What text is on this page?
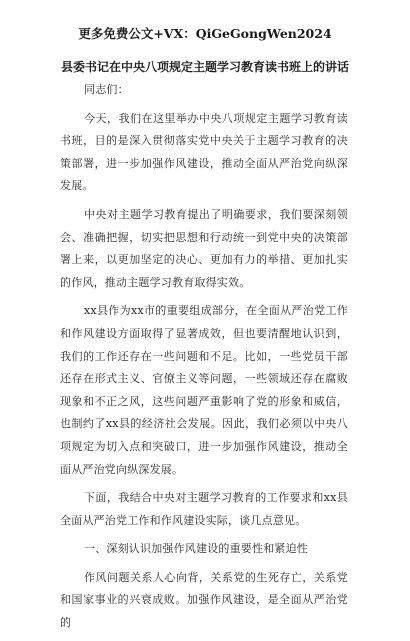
更多免费公文+VX：QiGeGongWen2024
县委书记在中央八项规定主题学习教育读书班上的讲话

同志们：

今天，我们在这里举办中央八项规定主题学习教育读书班，目的是深入贯彻落实党中央关于主题学习教育的决策部署，进一步加强作风建设，推动全面从严治党向纵深发展。

中央对主题学习教育提出了明确要求，我们要深刻领会、准确把握，切实把思想和行动统一到党中央的决策部署上来，以更加坚定的决心、更加有力的举措、更加扎实的作风，推动主题学习教育取得实效。

xx县作为xx市的重要组成部分，在全面从严治党工作和作风建设方面取得了显著成效，但也要清醒地认识到，我们的工作还存在一些问题和不足。比如，一些党员干部还存在形式主义、官僚主义等问题，一些领域还存在腐败现象和不正之风，这些问题严重影响了党的形象和威信，也制约了xx县的经济社会发展。因此，我们必须以中央八项规定为切入点和突破口，进一步加强作风建设，推动全面从严治党向纵深发展。

下面，我结合中央对主题学习教育的工作要求和xx县全面从严治党工作和作风建设实际，谈几点意见。

一、深刻认识加强作风建设的重要性和紧迫性

作风问题关系人心向背，关系党的生死存亡，关系党和国家事业的兴衰成败。加强作风建设，是全面从严治党的
